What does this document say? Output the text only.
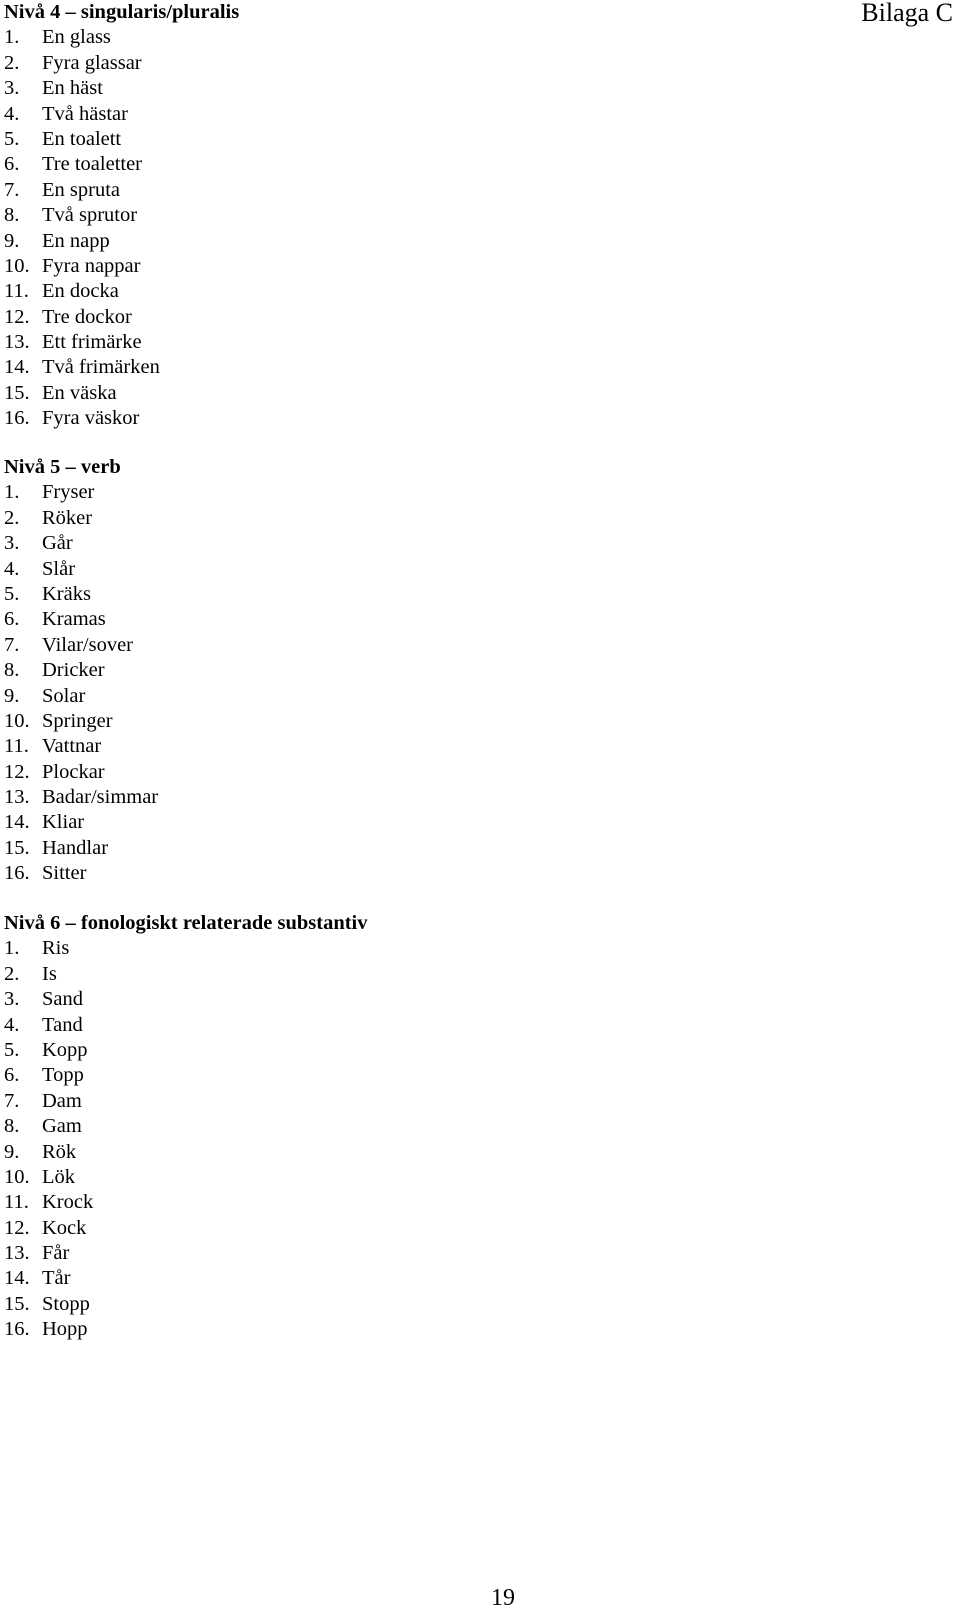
Bilaga C
Nivå 4 – singularis/pluralis
1. En glass
2. Fyra glassar
3. En häst
4. Två hästar
5. En toalett
6. Tre toaletter
7. En spruta
8. Två sprutor
9. En napp
10. Fyra nappar
11. En docka
12. Tre dockor
13. Ett frimärke
14. Två frimärken
15. En väska
16. Fyra väskor
Nivå 5 – verb
1. Fryser
2. Röker
3. Går
4. Slår
5. Kräks
6. Kramas
7. Vilar/sover
8. Dricker
9. Solar
10. Springer
11. Vattnar
12. Plockar
13. Badar/simmar
14. Kliar
15. Handlar
16. Sitter
Nivå 6 – fonologiskt relaterade substantiv
1. Ris
2. Is
3. Sand
4. Tand
5. Kopp
6. Topp
7. Dam
8. Gam
9. Rök
10. Lök
11. Krock
12. Kock
13. Får
14. Tår
15. Stopp
16. Hopp
19
